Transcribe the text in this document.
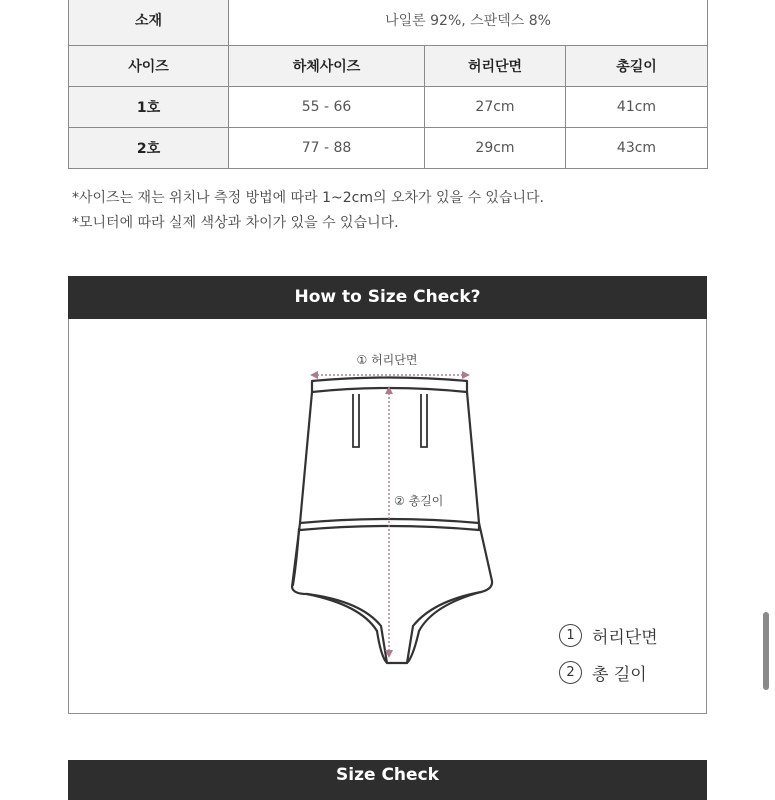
소재	나일론 92%, 스판덱스 8%		
사이즈	하체사이즈	허리단면	총길이
1호	55 - 66	27cm	41cm
2호	77 - 88	29cm	43cm
*사이즈는 재는 위치나 측정 방법에 따라 1~2cm의 오차가 있을 수 있습니다.
*모니터에 따라 실제 색상과 차이가 있을 수 있습니다.
How to Size Check?
① 허리단면
② 총길이
1	허리단면
2	총 길이
Size Check
